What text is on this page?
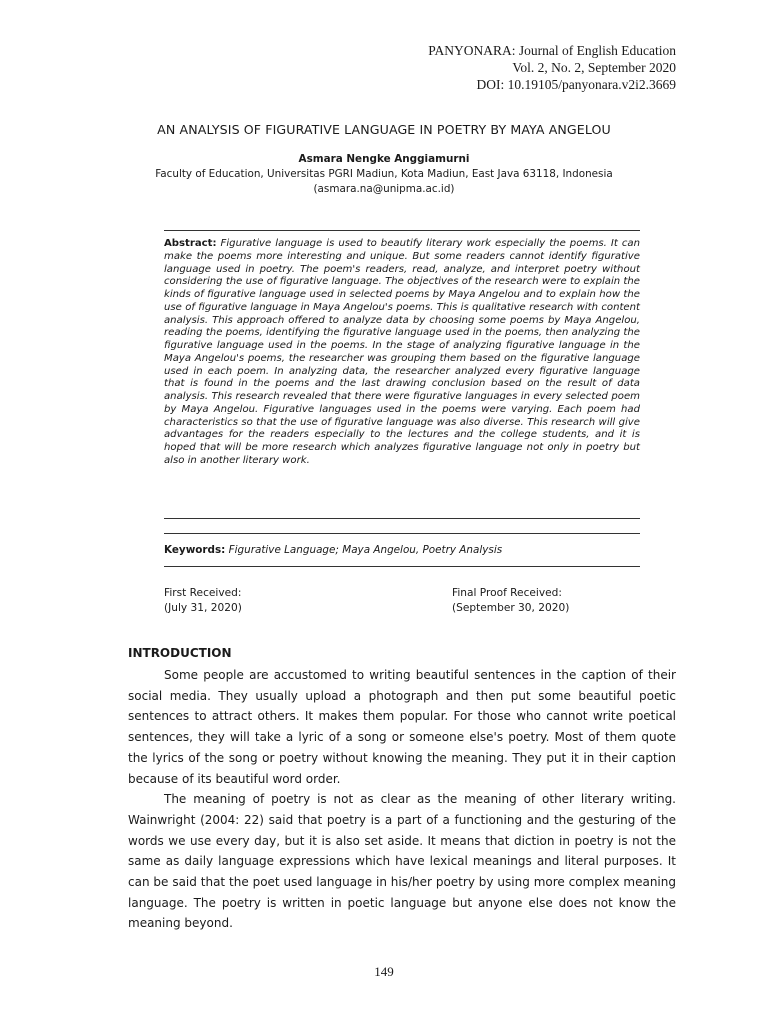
PANYONARA: Journal of English Education
Vol. 2, No. 2, September 2020
DOI: 10.19105/panyonara.v2i2.3669
AN ANALYSIS OF FIGURATIVE LANGUAGE IN POETRY BY MAYA ANGELOU
Asmara Nengke Anggiamurni
Faculty of Education, Universitas PGRI Madiun, Kota Madiun, East Java 63118, Indonesia
(asmara.na@unipma.ac.id)
Abstract: Figurative language is used to beautify literary work especially the poems. It can make the poems more interesting and unique. But some readers cannot identify figurative language used in poetry. The poem's readers, read, analyze, and interpret poetry without considering the use of figurative language. The objectives of the research were to explain the kinds of figurative language used in selected poems by Maya Angelou and to explain how the use of figurative language in Maya Angelou's poems. This is qualitative research with content analysis. This approach offered to analyze data by choosing some poems by Maya Angelou, reading the poems, identifying the figurative language used in the poems, then analyzing the figurative language used in the poems. In the stage of analyzing figurative language in the Maya Angelou's poems, the researcher was grouping them based on the figurative language used in each poem. In analyzing data, the researcher analyzed every figurative language that is found in the poems and the last drawing conclusion based on the result of data analysis. This research revealed that there were figurative languages in every selected poem by Maya Angelou. Figurative languages used in the poems were varying. Each poem had characteristics so that the use of figurative language was also diverse. This research will give advantages for the readers especially to the lectures and the college students, and it is hoped that will be more research which analyzes figurative language not only in poetry but also in another literary work.
Keywords: Figurative Language; Maya Angelou, Poetry Analysis
First Received:
(July 31, 2020)
Final Proof Received:
(September 30, 2020)
INTRODUCTION

Some people are accustomed to writing beautiful sentences in the caption of their social media. They usually upload a photograph and then put some beautiful poetic sentences to attract others. It makes them popular. For those who cannot write poetical sentences, they will take a lyric of a song or someone else's poetry. Most of them quote the lyrics of the song or poetry without knowing the meaning. They put it in their caption because of its beautiful word order.

The meaning of poetry is not as clear as the meaning of other literary writing. Wainwright (2004: 22) said that poetry is a part of a functioning and the gesturing of the words we use every day, but it is also set aside. It means that diction in poetry is not the same as daily language expressions which have lexical meanings and literal purposes. It can be said that the poet used language in his/her poetry by using more complex meaning language. The poetry is written in poetic language but anyone else does not know the meaning beyond.

149
